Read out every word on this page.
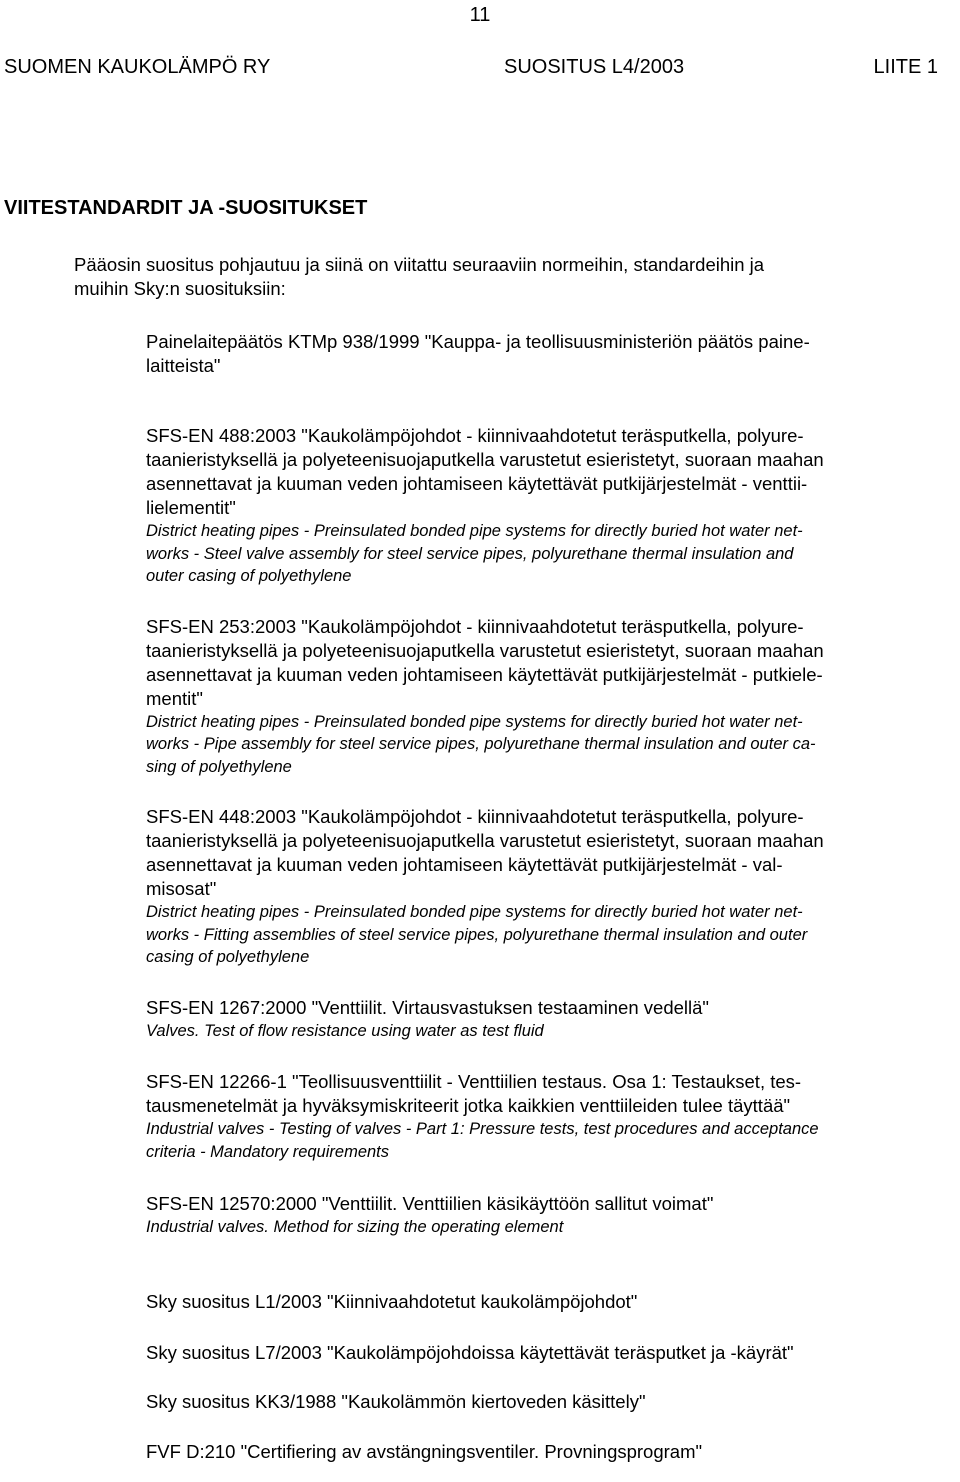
11
SUOMEN KAUKOLÄMPÖ RY	SUOSITUS L4/2003	LIITE 1
VIITESTANDARDIT JA -SUOSITUKSET
Pääosin suositus pohjautuu ja siinä on viitattu seuraaviin normeihin, standardeihin ja
muihin Sky:n suosituksiin:
Painelaitepäätös KTMp 938/1999 "Kauppa- ja teollisuusministeriön päätös paine-
laitteista"
SFS-EN 488:2003 "Kaukolämpöjohdot - kiinnivaahdotetut teräsputkella, polyure-
taanieristyksellä ja polyeteenisuojaputkella varustetut esieristetyt, suoraan maahan
asennettavat ja kuuman veden johtamiseen käytettävät putkijärjestelmät - venttii-
lielementit"
District heating pipes - Preinsulated bonded pipe systems for directly buried hot water net-
works - Steel valve assembly for steel service pipes, polyurethane thermal insulation and
outer casing of polyethylene
SFS-EN 253:2003 "Kaukolämpöjohdot - kiinnivaahdotetut teräsputkella, polyure-
taanieristyksellä ja polyeteenisuojaputkella varustetut esieristetyt, suoraan maahan
asennettavat ja kuuman veden johtamiseen käytettävät putkijärjestelmät - putkiele-
mentit"
District heating pipes - Preinsulated bonded pipe systems for directly buried hot water net-
works - Pipe assembly for steel service pipes, polyurethane thermal insulation and outer ca-
sing of polyethylene
SFS-EN 448:2003 "Kaukolämpöjohdot - kiinnivaahdotetut teräsputkella, polyure-
taanieristyksellä ja polyeteenisuojaputkella varustetut esieristetyt, suoraan maahan
asennettavat ja kuuman veden johtamiseen käytettävät putkijärjestelmät - val-
misosat"
District heating pipes - Preinsulated bonded pipe systems for directly buried hot water net-
works - Fitting assemblies of steel service pipes, polyurethane thermal insulation and outer
casing of polyethylene
SFS-EN 1267:2000 "Venttiilit. Virtausvastuksen testaaminen vedellä"
Valves. Test of flow resistance using water as test fluid
SFS-EN 12266-1 "Teollisuusventtiilit - Venttiilien testaus. Osa 1: Testaukset, tes-
tausmenetelmät ja hyväksymiskriteerit jotka kaikkien venttiileiden tulee täyttää"
Industrial valves - Testing of valves - Part 1: Pressure tests, test procedures and acceptance
criteria - Mandatory requirements
SFS-EN 12570:2000 "Venttiilit. Venttiilien käsikäyttöön sallitut voimat"
Industrial valves. Method for sizing the operating element
Sky suositus L1/2003 "Kiinnivaahdotetut kaukolämpöjohdot"
Sky suositus L7/2003 "Kaukolämpöjohdoissa käytettävät teräsputket ja -käyrät"
Sky suositus KK3/1988 "Kaukolämmön kiertoveden käsittely"
FVF D:210 "Certifiering av avstängningsventiler. Provningsprogram"
